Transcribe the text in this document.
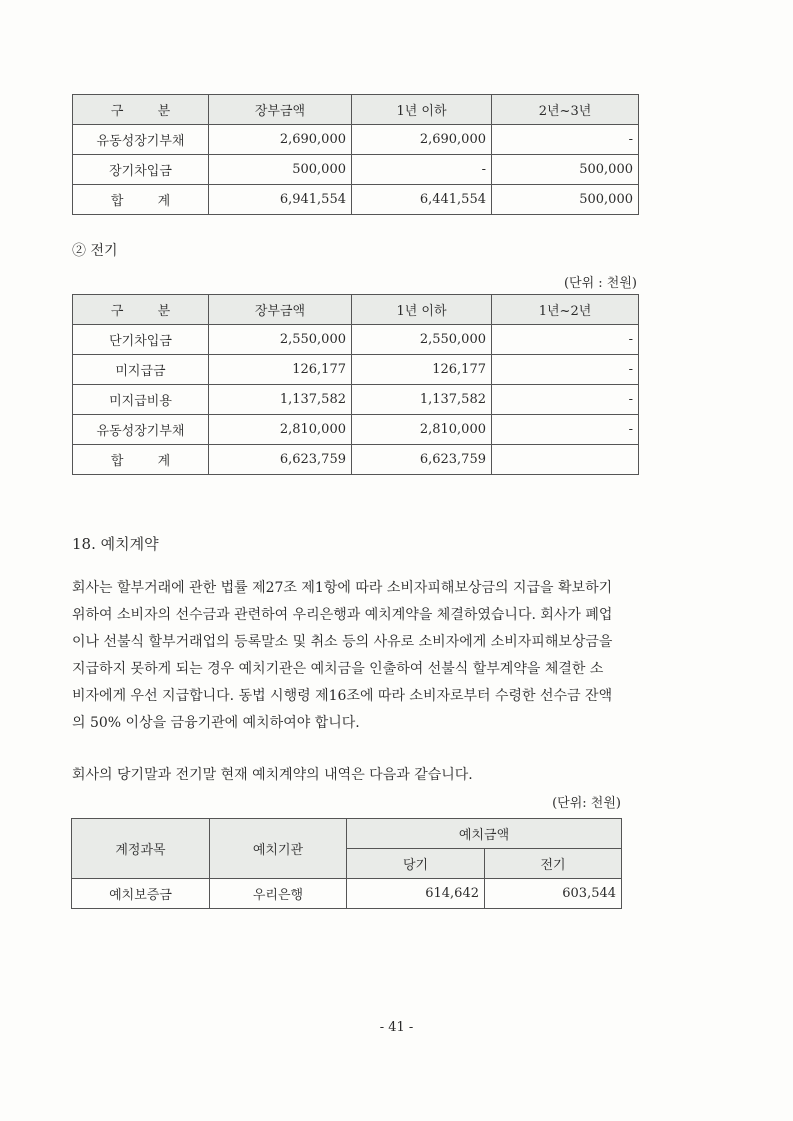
구 분	장부금액	1년 이하	2년~3년
유동성장기부채	2,690,000	2,690,000	-
장기차입금	500,000	-	500,000
합 계	6,941,554	6,441,554	500,000
② 전기
(단위 : 천원)
구 분	장부금액	1년 이하	1년~2년
단기차입금	2,550,000	2,550,000	-
미지급금	126,177	126,177	-
미지급비용	1,137,582	1,137,582	-
유동성장기부채	2,810,000	2,810,000	-
합 계	6,623,759	6,623,759	
18. 예치계약
회사는 할부거래에 관한 법률 제27조 제1항에 따라 소비자피해보상금의 지급을 확보하기
위하여 소비자의 선수금과 관련하여 우리은행과 예치계약을 체결하였습니다. 회사가 폐업
이나 선불식 할부거래업의 등록말소 및 취소 등의 사유로 소비자에게 소비자피해보상금을
지급하지 못하게 되는 경우 예치기관은 예치금을 인출하여 선불식 할부계약을 체결한 소
비자에게 우선 지급합니다. 동법 시행령 제16조에 따라 소비자로부터 수령한 선수금 잔액
의 50% 이상을 금융기관에 예치하여야 합니다.
회사의 당기말과 전기말 현재 예치계약의 내역은 다음과 같습니다.
(단위: 천원)
계정과목	예치기관	예치금액	
		당기	전기
예치보증금	우리은행	614,642	603,544
- 41 -
